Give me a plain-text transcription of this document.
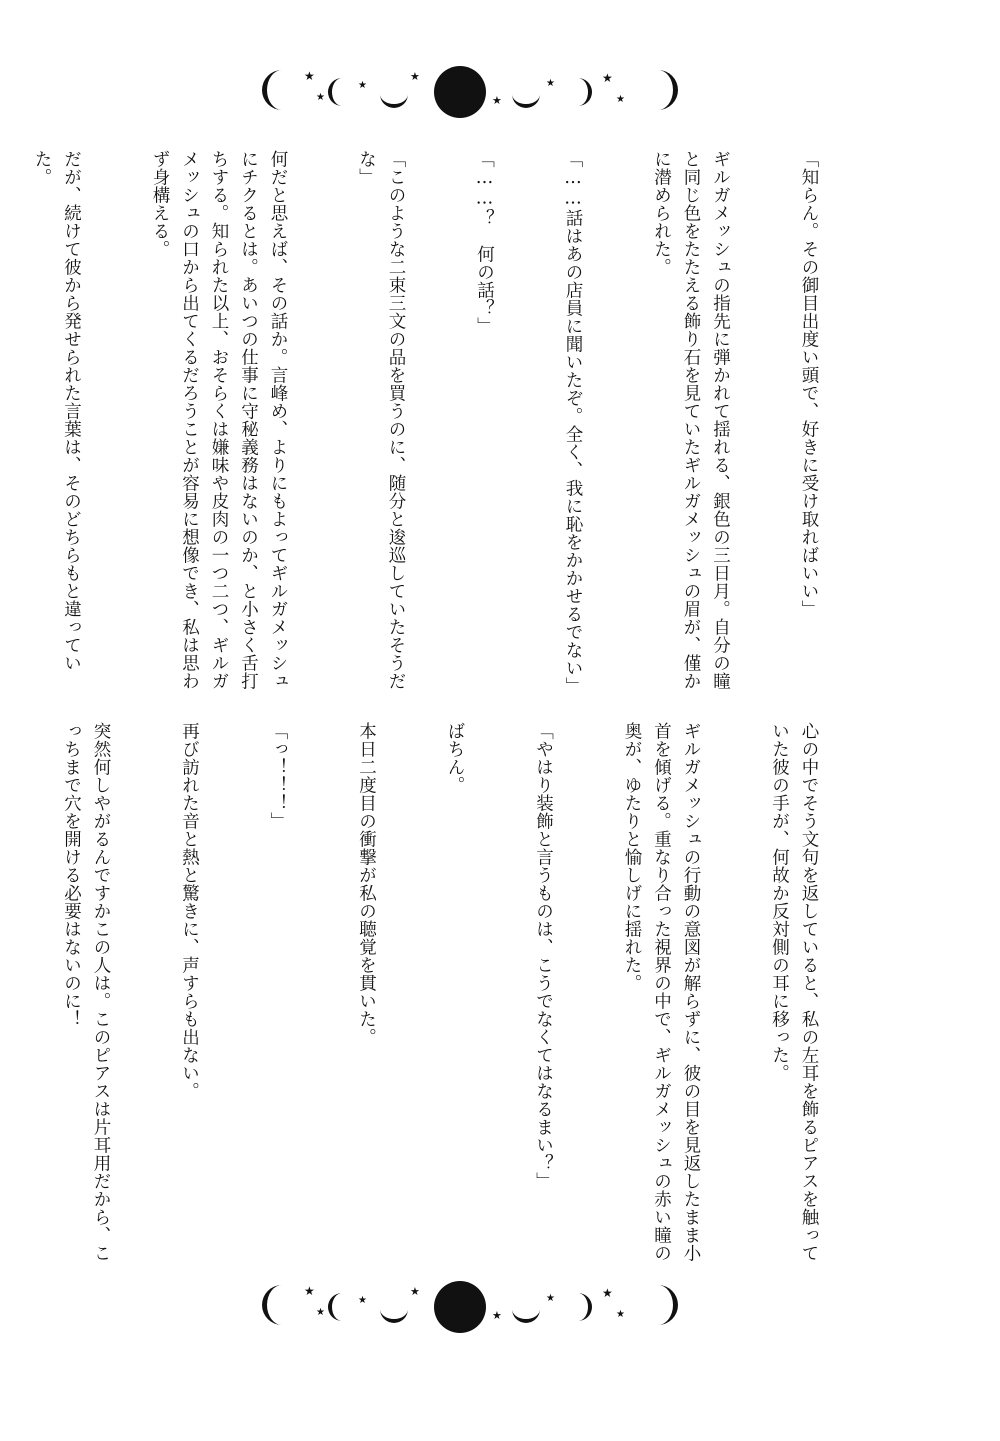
★
★
★
★
★
★	★
★

「知らん。その御目出度い頭で、好きに受け取ればいい」

ギルガメッシュの指先に弾かれて揺れる、銀色の三日月。自分の瞳と同じ色をたたえる飾り石を見ていたギルガメッシュの眉が、僅かに潜められた。

「……話はあの店員に聞いたぞ。全く、我に恥をかかせるでない」

「……？　何の話？」

「このような二束三文の品を買うのに、随分と逡巡していたそうだな」

何だと思えば、その話か。言峰め、よりにもよってギルガメッシュにチクるとは。あいつの仕事に守秘義務はないのか、と小さく舌打ちする。知られた以上、おそらくは嫌味や皮肉の一つ二つ、ギルガメッシュの口から出てくるだろうことが容易に想像でき、私は思わず身構える。

だが、続けて彼から発せられた言葉は、そのどちらもと違っていた。

心の中でそう文句を返していると、私の左耳を飾るピアスを触っていた彼の手が、何故か反対側の耳に移った。

ギルガメッシュの行動の意図が解らずに、彼の目を見返したまま小首を傾げる。重なり合った視界の中で、ギルガメッシュの赤い瞳の奥が、ゆたりと愉しげに揺れた。

「やはり装飾と言うものは、こうでなくてはなるまい？」

ばちん。

本日二度目の衝撃が私の聴覚を貫いた。

「っ！！！」

再び訪れた音と熱と驚きに、声すらも出ない。

突然何しやがるんですかこの人は。このピアスは片耳用だから、こっちまで穴を開ける必要はないのに！

★
★
★
★
★
★	★
★
